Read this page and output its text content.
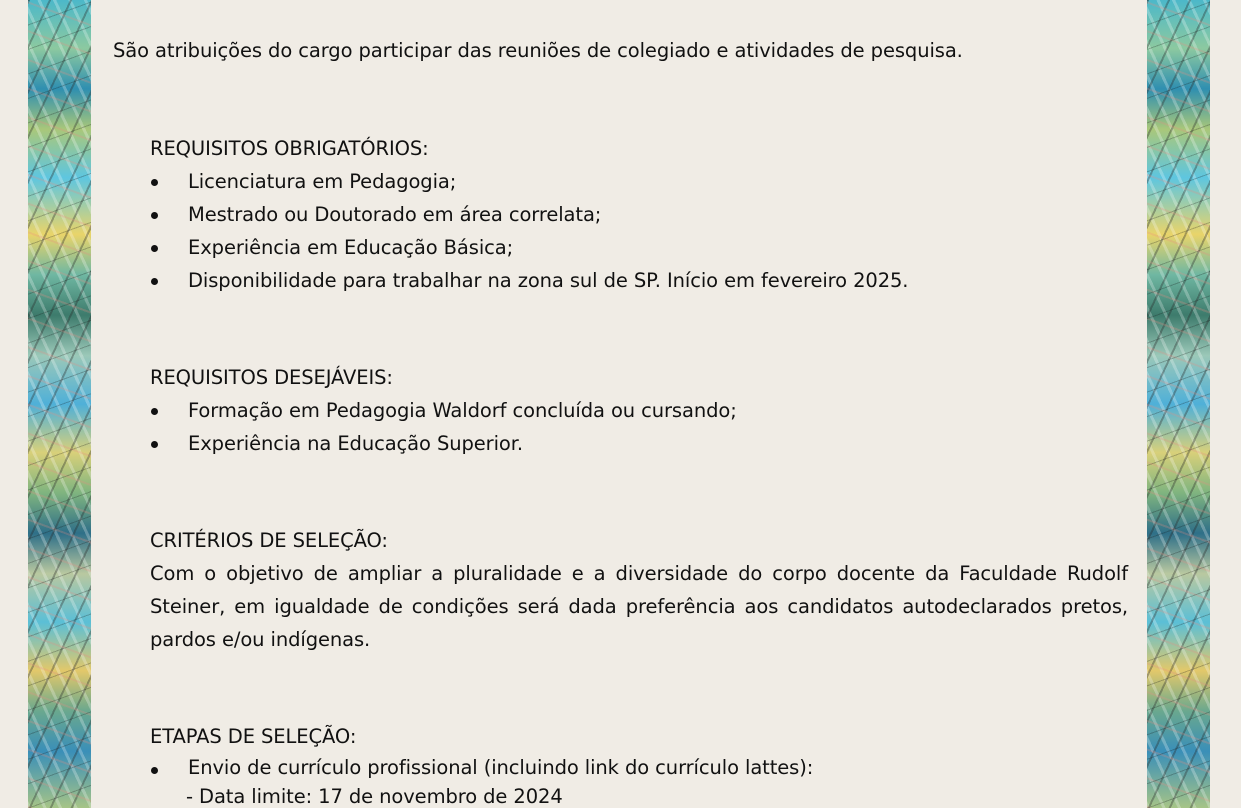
São atribuições do cargo participar das reuniões de colegiado e atividades de pesquisa.
REQUISITOS OBRIGATÓRIOS:
Licenciatura em Pedagogia;
Mestrado ou Doutorado em área correlata;
Experiência em Educação Básica;
Disponibilidade para trabalhar na zona sul de SP. Início em fevereiro 2025.
REQUISITOS DESEJÁVEIS:
Formação em Pedagogia Waldorf concluída ou cursando;
Experiência na Educação Superior.
CRITÉRIOS DE SELEÇÃO:
Com o objetivo de ampliar a pluralidade e a diversidade do corpo docente da Faculdade Rudolf Steiner, em igualdade de condições será dada preferência aos candidatos autodeclarados pretos, pardos e/ou indígenas.
ETAPAS DE SELEÇÃO:
Envio de currículo profissional (incluindo link do currículo lattes):
- Data limite: 17 de novembro de 2024
